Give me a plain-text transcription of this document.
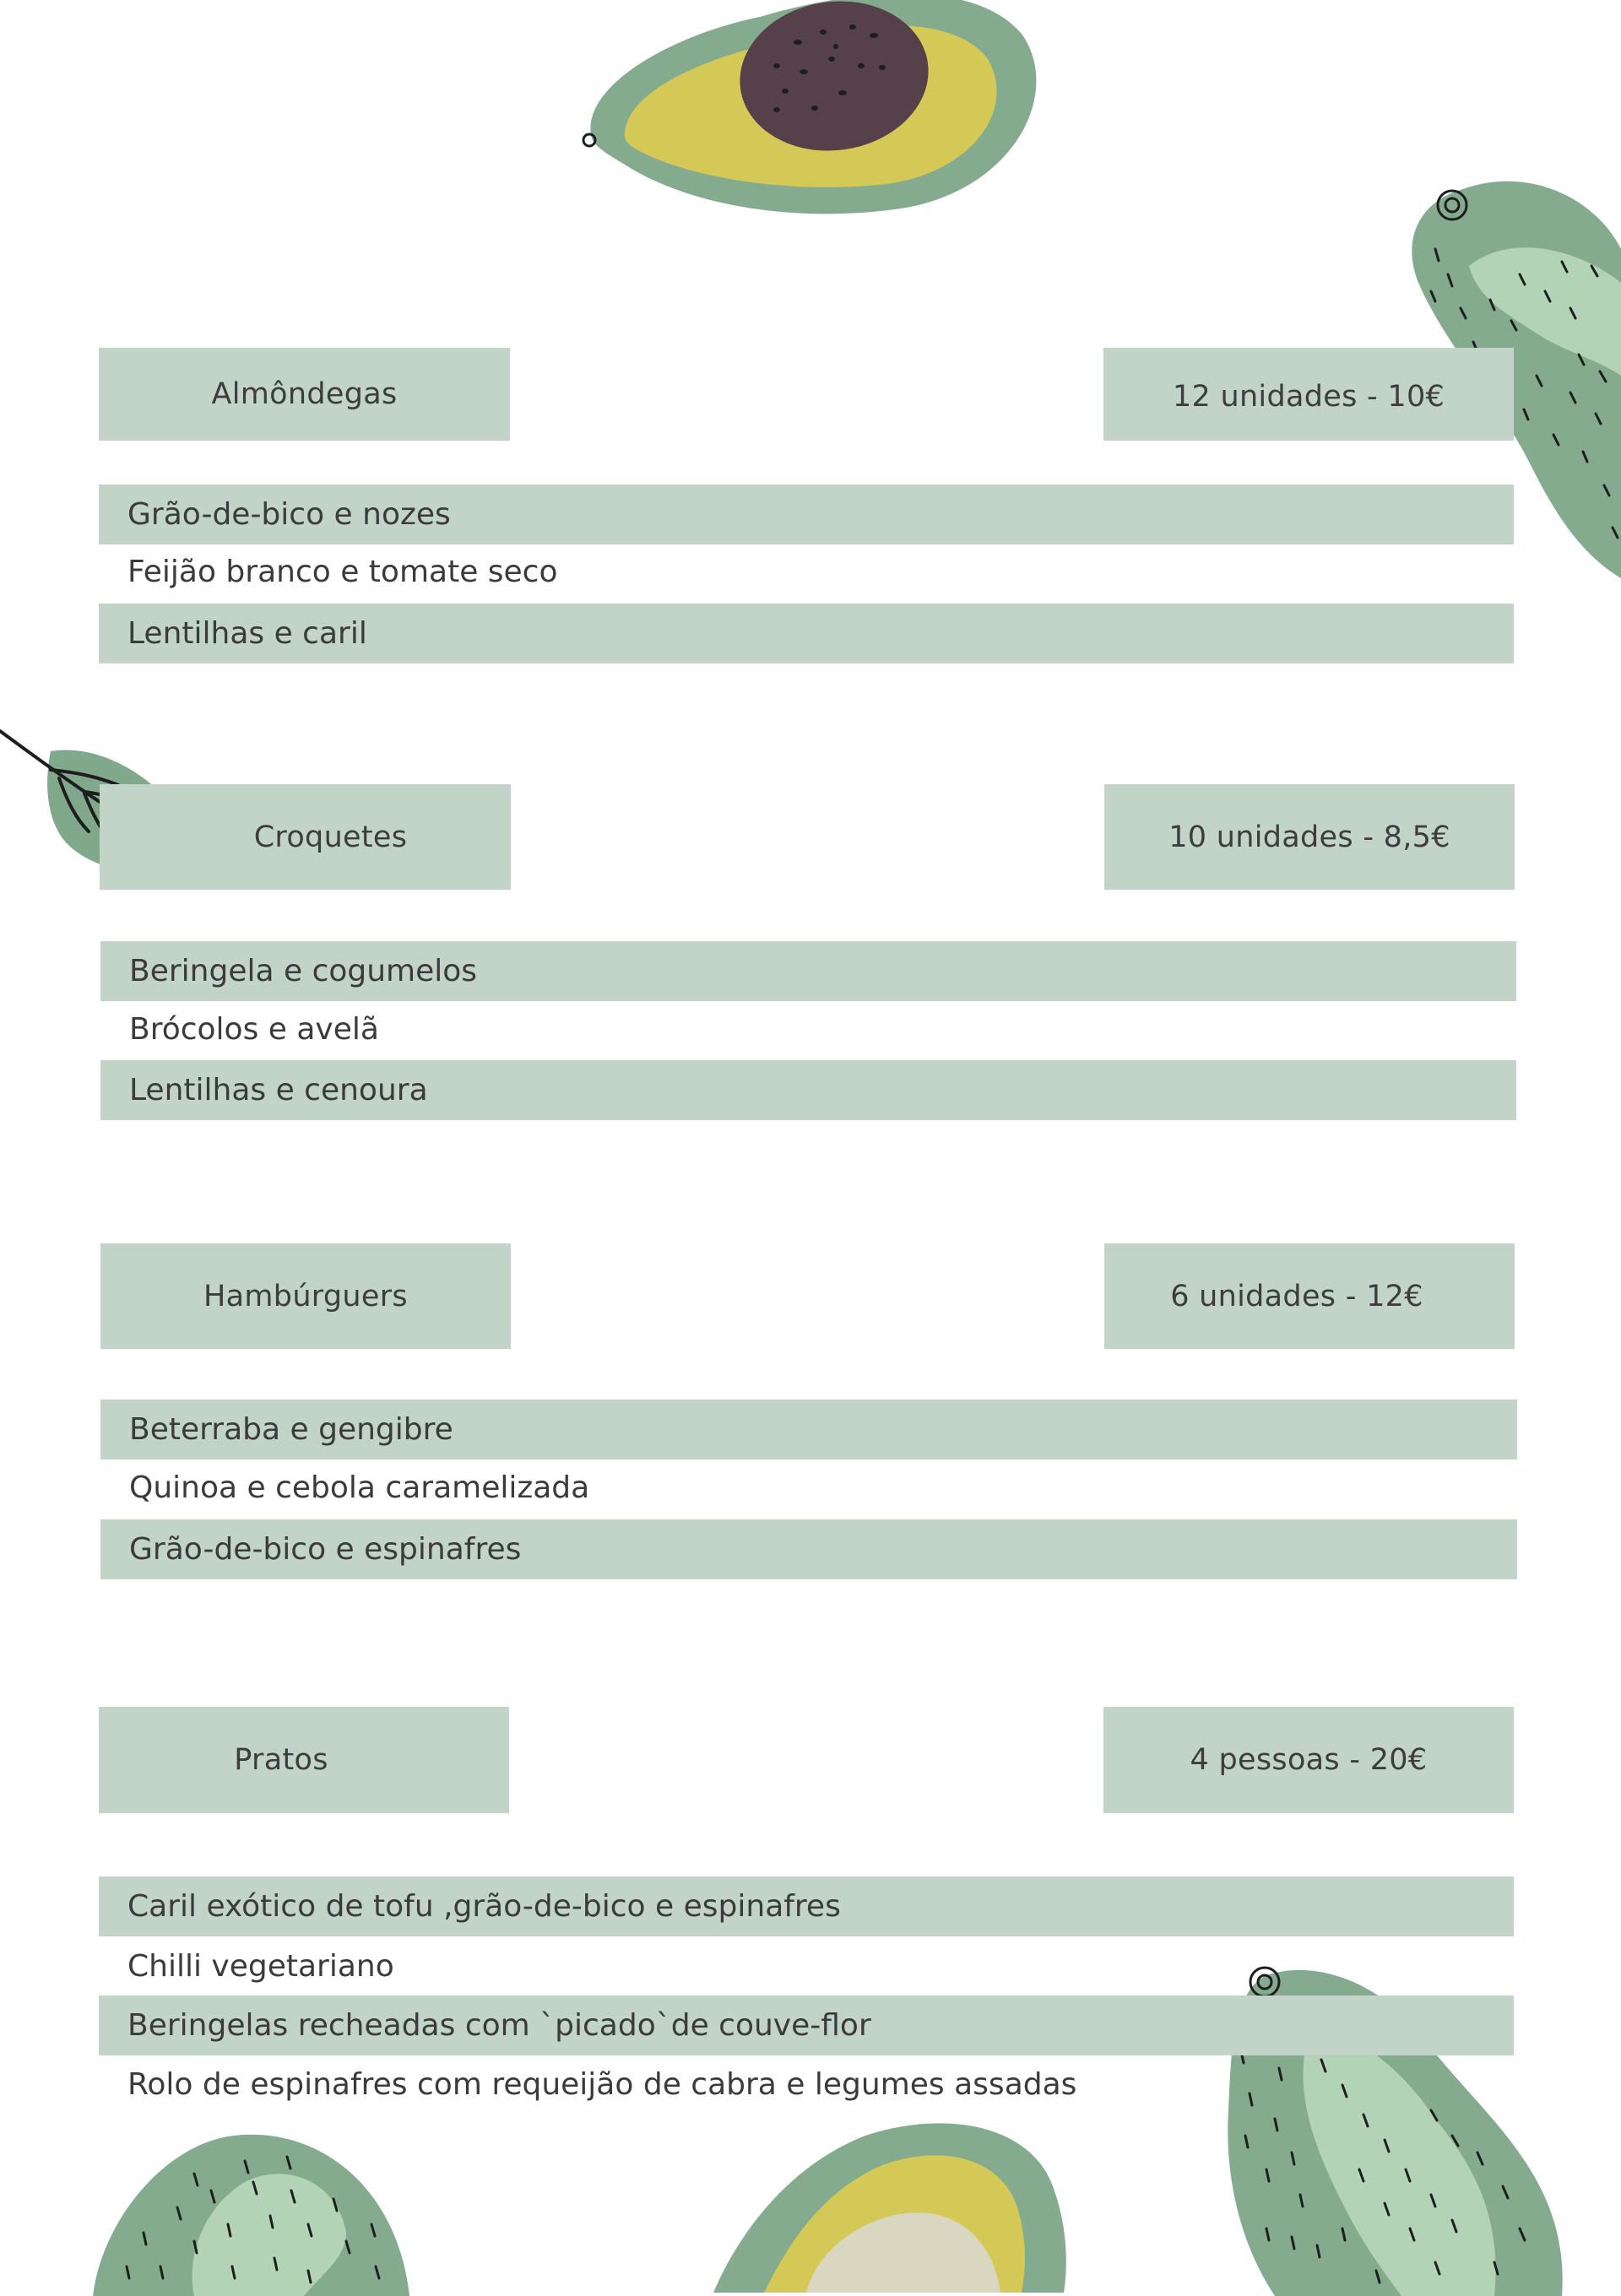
Almôndegas	12 unidades - 10€
Grão-de-bico e nozes
Feijão branco e tomate seco
Lentilhas e caril
Croquetes	10 unidades - 8,5€
Beringela e cogumelos
Brócolos e avelã
Lentilhas e cenoura
Hambúrguers	6 unidades - 12€
Beterraba e gengibre
Quinoa e cebola caramelizada
Grão-de-bico e espinafres
Pratos	4 pessoas - 20€
Caril exótico de tofu ,grão-de-bico e espinafres
Chilli vegetariano
Beringelas recheadas com `picado`de couve-flor
Rolo de espinafres com requeijão de cabra e legumes assadas
